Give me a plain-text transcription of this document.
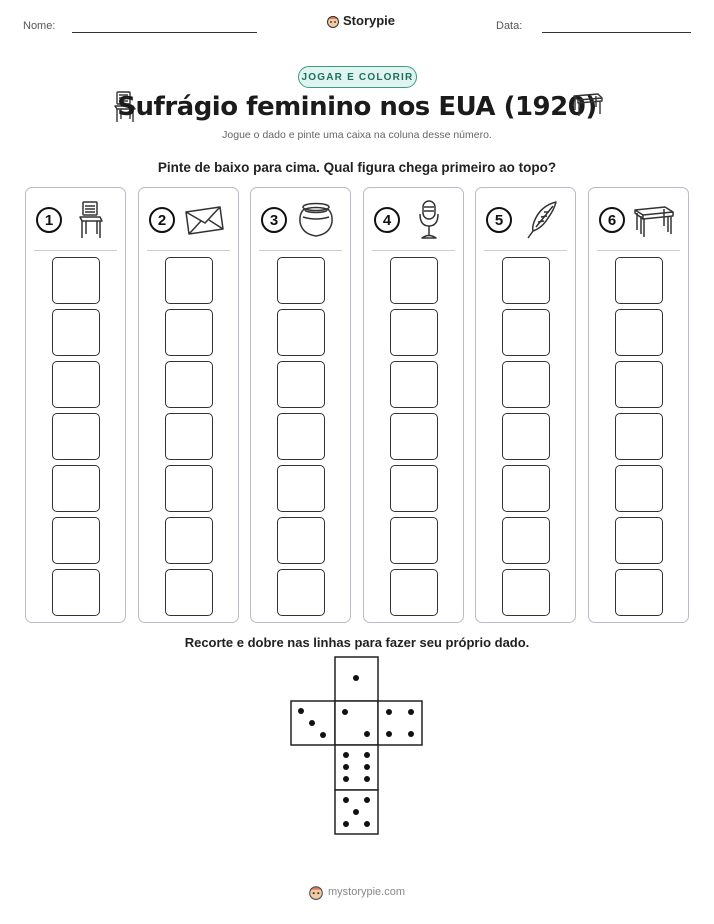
Nome:	Storypie	Data:
JOGAR E COLORIR
Sufrágio feminino nos EUA (1920)
Jogue o dado e pinte uma caixa na coluna desse número.
Pinte de baixo para cima. Qual figura chega primeiro ao topo?
1	2	3	4	5	6
Recorte e dobre nas linhas para fazer seu próprio dado.
mystorypie.com
